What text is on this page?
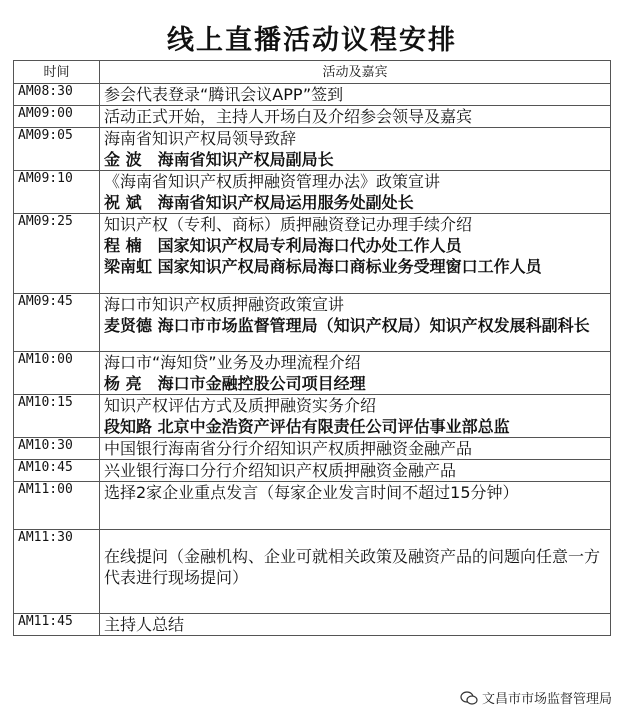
线上直播活动议程安排
时间	活动及嘉宾
AM08:30	参会代表登录“腾讯会议APP”签到

AM09:00	活动正式开始，主持人开场白及介绍参会领导及嘉宾

AM09:05	海南省知识产权局领导致辞
金 波　海南省知识产权局副局长

AM09:10	《海南省知识产权质押融资管理办法》政策宣讲
祝 斌　海南省知识产权局运用服务处副处长

AM09:25	知识产权（专利、商标）质押融资登记办理手续介绍
程 楠　国家知识产权局专利局海口代办处工作人员
梁南虹 国家知识产权局商标局海口商标业务受理窗口工作人员

AM09:45	海口市知识产权质押融资政策宣讲
麦贤德 海口市市场监督管理局（知识产权局）知识产权发展科副科长

AM10:00	海口市“海知贷”业务及办理流程介绍
杨 亮　海口市金融控股公司项目经理

AM10:15	知识产权评估方式及质押融资实务介绍
段知路 北京中金浩资产评估有限责任公司评估事业部总监

AM10:30	中国银行海南省分行介绍知识产权质押融资金融产品

AM10:45	兴业银行海口分行介绍知识产权质押融资金融产品

AM11:00	选择2家企业重点发言（每家企业发言时间不超过15分钟）

AM11:30	在线提问（金融机构、企业可就相关政策及融资产品的问题向任意一方代表进行现场提问）

AM11:45	主持人总结
文昌市市场监督管理局
